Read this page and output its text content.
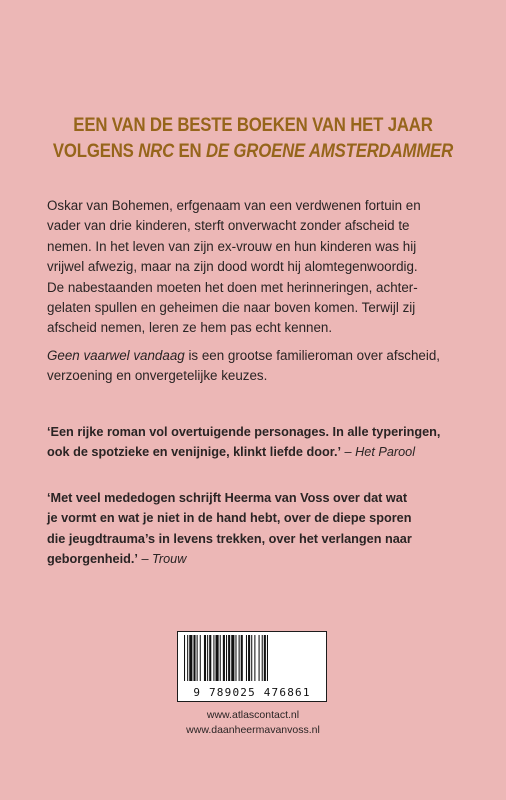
EEN VAN DE BESTE BOEKEN VAN HET JAAR
VOLGENS NRC EN DE GROENE AMSTERDAMMER

Oskar van Bohemen, erfgenaam van een verdwenen fortuin en
vader van drie kinderen, sterft onverwacht zonder afscheid te
nemen. In het leven van zijn ex-vrouw en hun kinderen was hij
vrijwel afwezig, maar na zijn dood wordt hij alomtegenwoordig.
De nabestaanden moeten het doen met herinneringen, achter-
gelaten spullen en geheimen die naar boven komen. Terwijl zij
afscheid nemen, leren ze hem pas echt kennen.

Geen vaarwel vandaag is een grootse familieroman over afscheid,
verzoening en onvergetelijke keuzes.

‘Een rijke roman vol overtuigende personages. In alle typeringen,
ook de spotzieke en venijnige, klinkt liefde door.’ – Het Parool

‘Met veel mededogen schrijft Heerma van Voss over dat wat
je vormt en wat je niet in de hand hebt, over de diepe sporen
die jeugdtrauma’s in levens trekken, over het verlangen naar
geborgenheid.’ – Trouw

9 789025 476861
www.atlascontact.nl
www.daanheermavanvoss.nl
